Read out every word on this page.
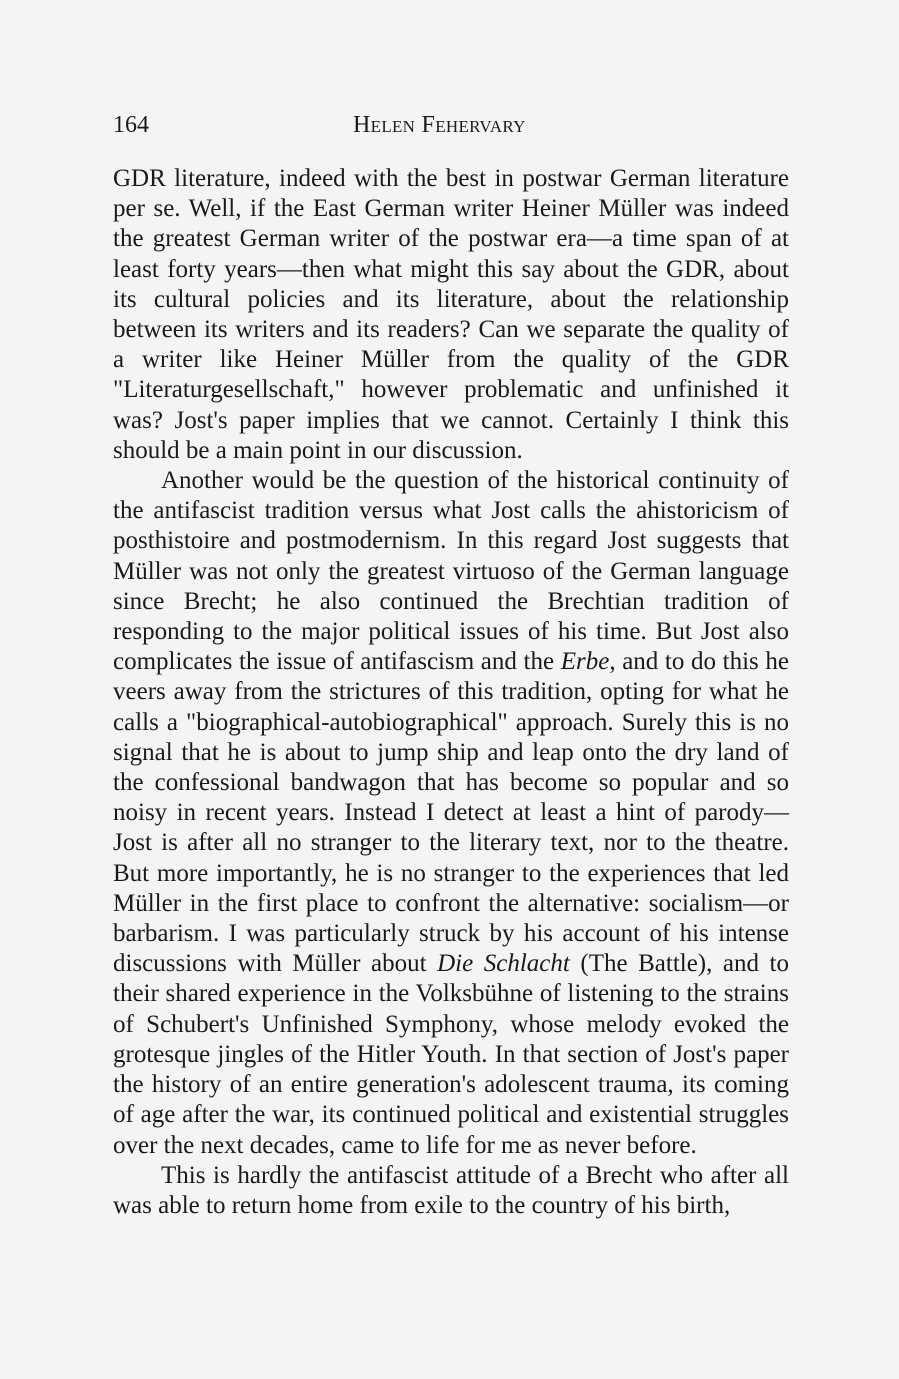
164	Helen Fehervary

GDR literature, indeed with the best in postwar German literature per se. Well, if the East German writer Heiner Müller was indeed the greatest German writer of the postwar era—a time span of at least forty years—then what might this say about the GDR, about its cultural policies and its literature, about the relationship between its writers and its readers? Can we separate the quality of a writer like Heiner Müller from the quality of the GDR "Literaturgesellschaft," however problematic and unfinished it was? Jost's paper implies that we cannot. Certainly I think this should be a main point in our discussion.

Another would be the question of the historical continuity of the antifascist tradition versus what Jost calls the ahistoricism of posthistoire and postmodernism. In this regard Jost suggests that Müller was not only the greatest virtuoso of the German language since Brecht; he also continued the Brechtian tradition of responding to the major political issues of his time. But Jost also complicates the issue of antifascism and the Erbe, and to do this he veers away from the strictures of this tradition, opting for what he calls a "biographical-autobiographical" approach. Surely this is no signal that he is about to jump ship and leap onto the dry land of the confessional bandwagon that has become so popular and so noisy in recent years. Instead I detect at least a hint of parody—Jost is after all no stranger to the literary text, nor to the theatre. But more importantly, he is no stranger to the experiences that led Müller in the first place to confront the alternative: socialism—or barbarism. I was particularly struck by his account of his intense discussions with Müller about Die Schlacht (The Battle), and to their shared experience in the Volksbühne of listening to the strains of Schubert's Unfinished Symphony, whose melody evoked the grotesque jingles of the Hitler Youth. In that section of Jost's paper the history of an entire generation's adolescent trauma, its coming of age after the war, its continued political and existential struggles over the next decades, came to life for me as never before.

This is hardly the antifascist attitude of a Brecht who after all was able to return home from exile to the country of his birth,
